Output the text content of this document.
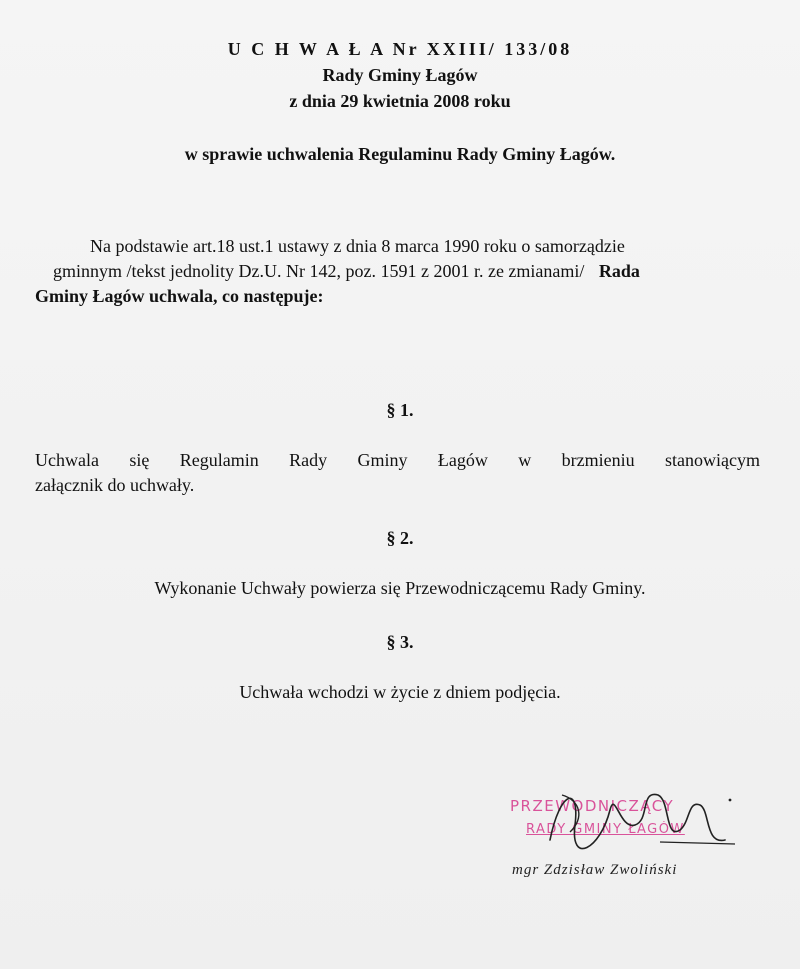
U C H W A Ł A Nr XXIII/ 133/08
Rady Gminy Łagów
z dnia 29 kwietnia 2008 roku
w sprawie uchwalenia Regulaminu Rady Gminy Łagów.
Na podstawie art.18 ust.1 ustawy z dnia 8 marca 1990 roku o samorządzie
gminnym /tekst jednolity Dz.U. Nr 142, poz. 1591 z 2001 r. ze zmianami/ Rada
Gminy Łagów uchwala, co następuje:
§ 1.
Uchwala się Regulamin Rady Gminy Łagów w brzmieniu stanowiącym
załącznik do uchwały.
§ 2.
Wykonanie Uchwały powierza się Przewodniczącemu Rady Gminy.
§ 3.
Uchwała wchodzi w życie z dniem podjęcia.
PRZEWODNICZĄCY
RADY GMINY ŁAGÓW
mgr Zdzisław Zwoliński
